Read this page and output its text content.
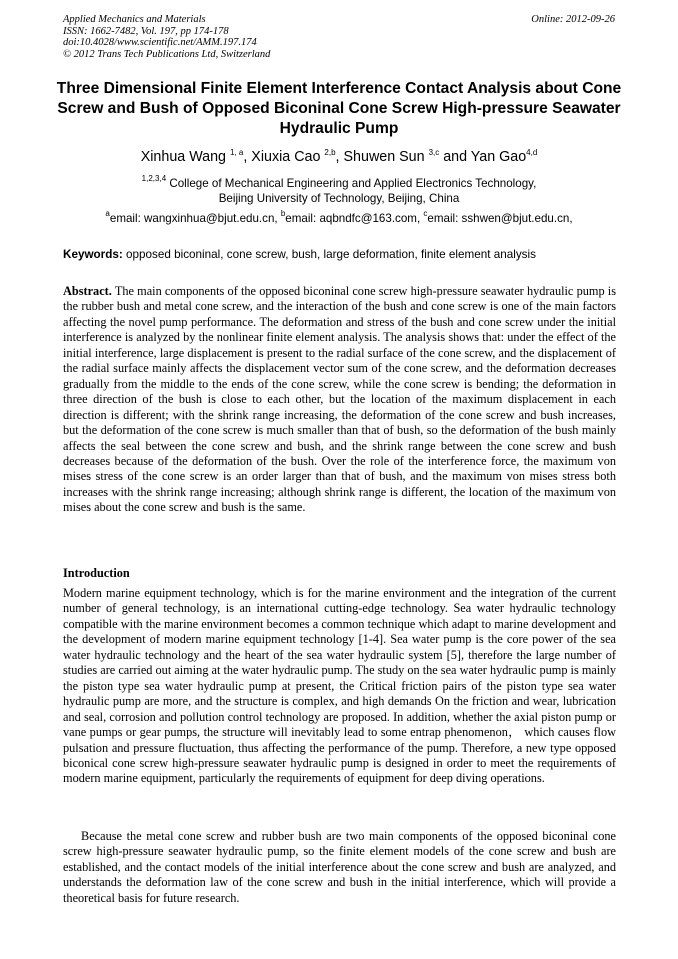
Applied Mechanics and Materials
ISSN: 1662-7482, Vol. 197, pp 174-178
doi:10.4028/www.scientific.net/AMM.197.174
© 2012 Trans Tech Publications Ltd, Switzerland
Online: 2012-09-26
Three Dimensional Finite Element Interference Contact Analysis about Cone Screw and Bush of Opposed Biconinal Cone Screw High-pressure Seawater Hydraulic Pump
Xinhua Wang $^{1, a}$, Xiuxia Cao $^{2,b}$, Shuwen Sun $^{3,c}$ and Yan Gao$^{4,d}$
$^{1,2,3,4}$ College of Mechanical Engineering and Applied Electronics Technology,
Beijing University of Technology, Beijing, China
$^a$email: wangxinhua@bjut.edu.cn, $^b$email: aqbndfc@163.com, $^c$email: sshwen@bjut.edu.cn,
Keywords: opposed biconinal, cone screw, bush, large deformation, finite element analysis
Abstract. The main components of the opposed biconinal cone screw high-pressure seawater hydraulic pump is the rubber bush and metal cone screw, and the interaction of the bush and cone screw is one of the main factors affecting the novel pump performance. The deformation and stress of the bush and cone screw under the initial interference is analyzed by the nonlinear finite element analysis. The analysis shows that: under the effect of the initial interference, large displacement is present to the radial surface of the cone screw, and the displacement of the radial surface mainly affects the displacement vector sum of the cone screw, and the deformation decreases gradually from the middle to the ends of the cone screw, while the cone screw is bending; the deformation in three direction of the bush is close to each other, but the location of the maximum displacement in each direction is different; with the shrink range increasing, the deformation of the cone screw and bush increases, but the deformation of the cone screw is much smaller than that of bush, so the deformation of the bush mainly affects the seal between the cone screw and bush, and the shrink range between the cone screw and bush decreases because of the deformation of the bush. Over the role of the interference force, the maximum von mises stress of the cone screw is an order larger than that of bush, and the maximum von mises stress both increases with the shrink range increasing; although shrink range is different, the location of the maximum von mises about the cone screw and bush is the same.
Introduction
Modern marine equipment technology, which is for the marine environment and the integration of the current number of general technology, is an international cutting-edge technology. Sea water hydraulic technology compatible with the marine environment becomes a common technique which adapt to marine development and the development of modern marine equipment technology [1-4]. Sea water pump is the core power of the sea water hydraulic technology and the heart of the sea water hydraulic system [5], therefore the large number of studies are carried out aiming at the water hydraulic pump. The study on the sea water hydraulic pump is mainly the piston type sea water hydraulic pump at present, the Critical friction pairs of the piston type sea water hydraulic pump are more, and the structure is complex, and high demands On the friction and wear, lubrication and seal, corrosion and pollution control technology are proposed. In addition, whether the axial piston pump or vane pumps or gear pumps, the structure will inevitably lead to some entrap phenomenon， which causes flow pulsation and pressure fluctuation, thus affecting the performance of the pump. Therefore, a new type opposed biconical cone screw high-pressure seawater hydraulic pump is designed in order to meet the requirements of modern marine equipment, particularly the requirements of equipment for deep diving operations.
Because the metal cone screw and rubber bush are two main components of the opposed biconinal cone screw high-pressure seawater hydraulic pump, so the finite element models of the cone screw and bush are established, and the contact models of the initial interference about the cone screw and bush are analyzed, and understands the deformation law of the cone screw and bush in the initial interference, which will provide a theoretical basis for future research.
